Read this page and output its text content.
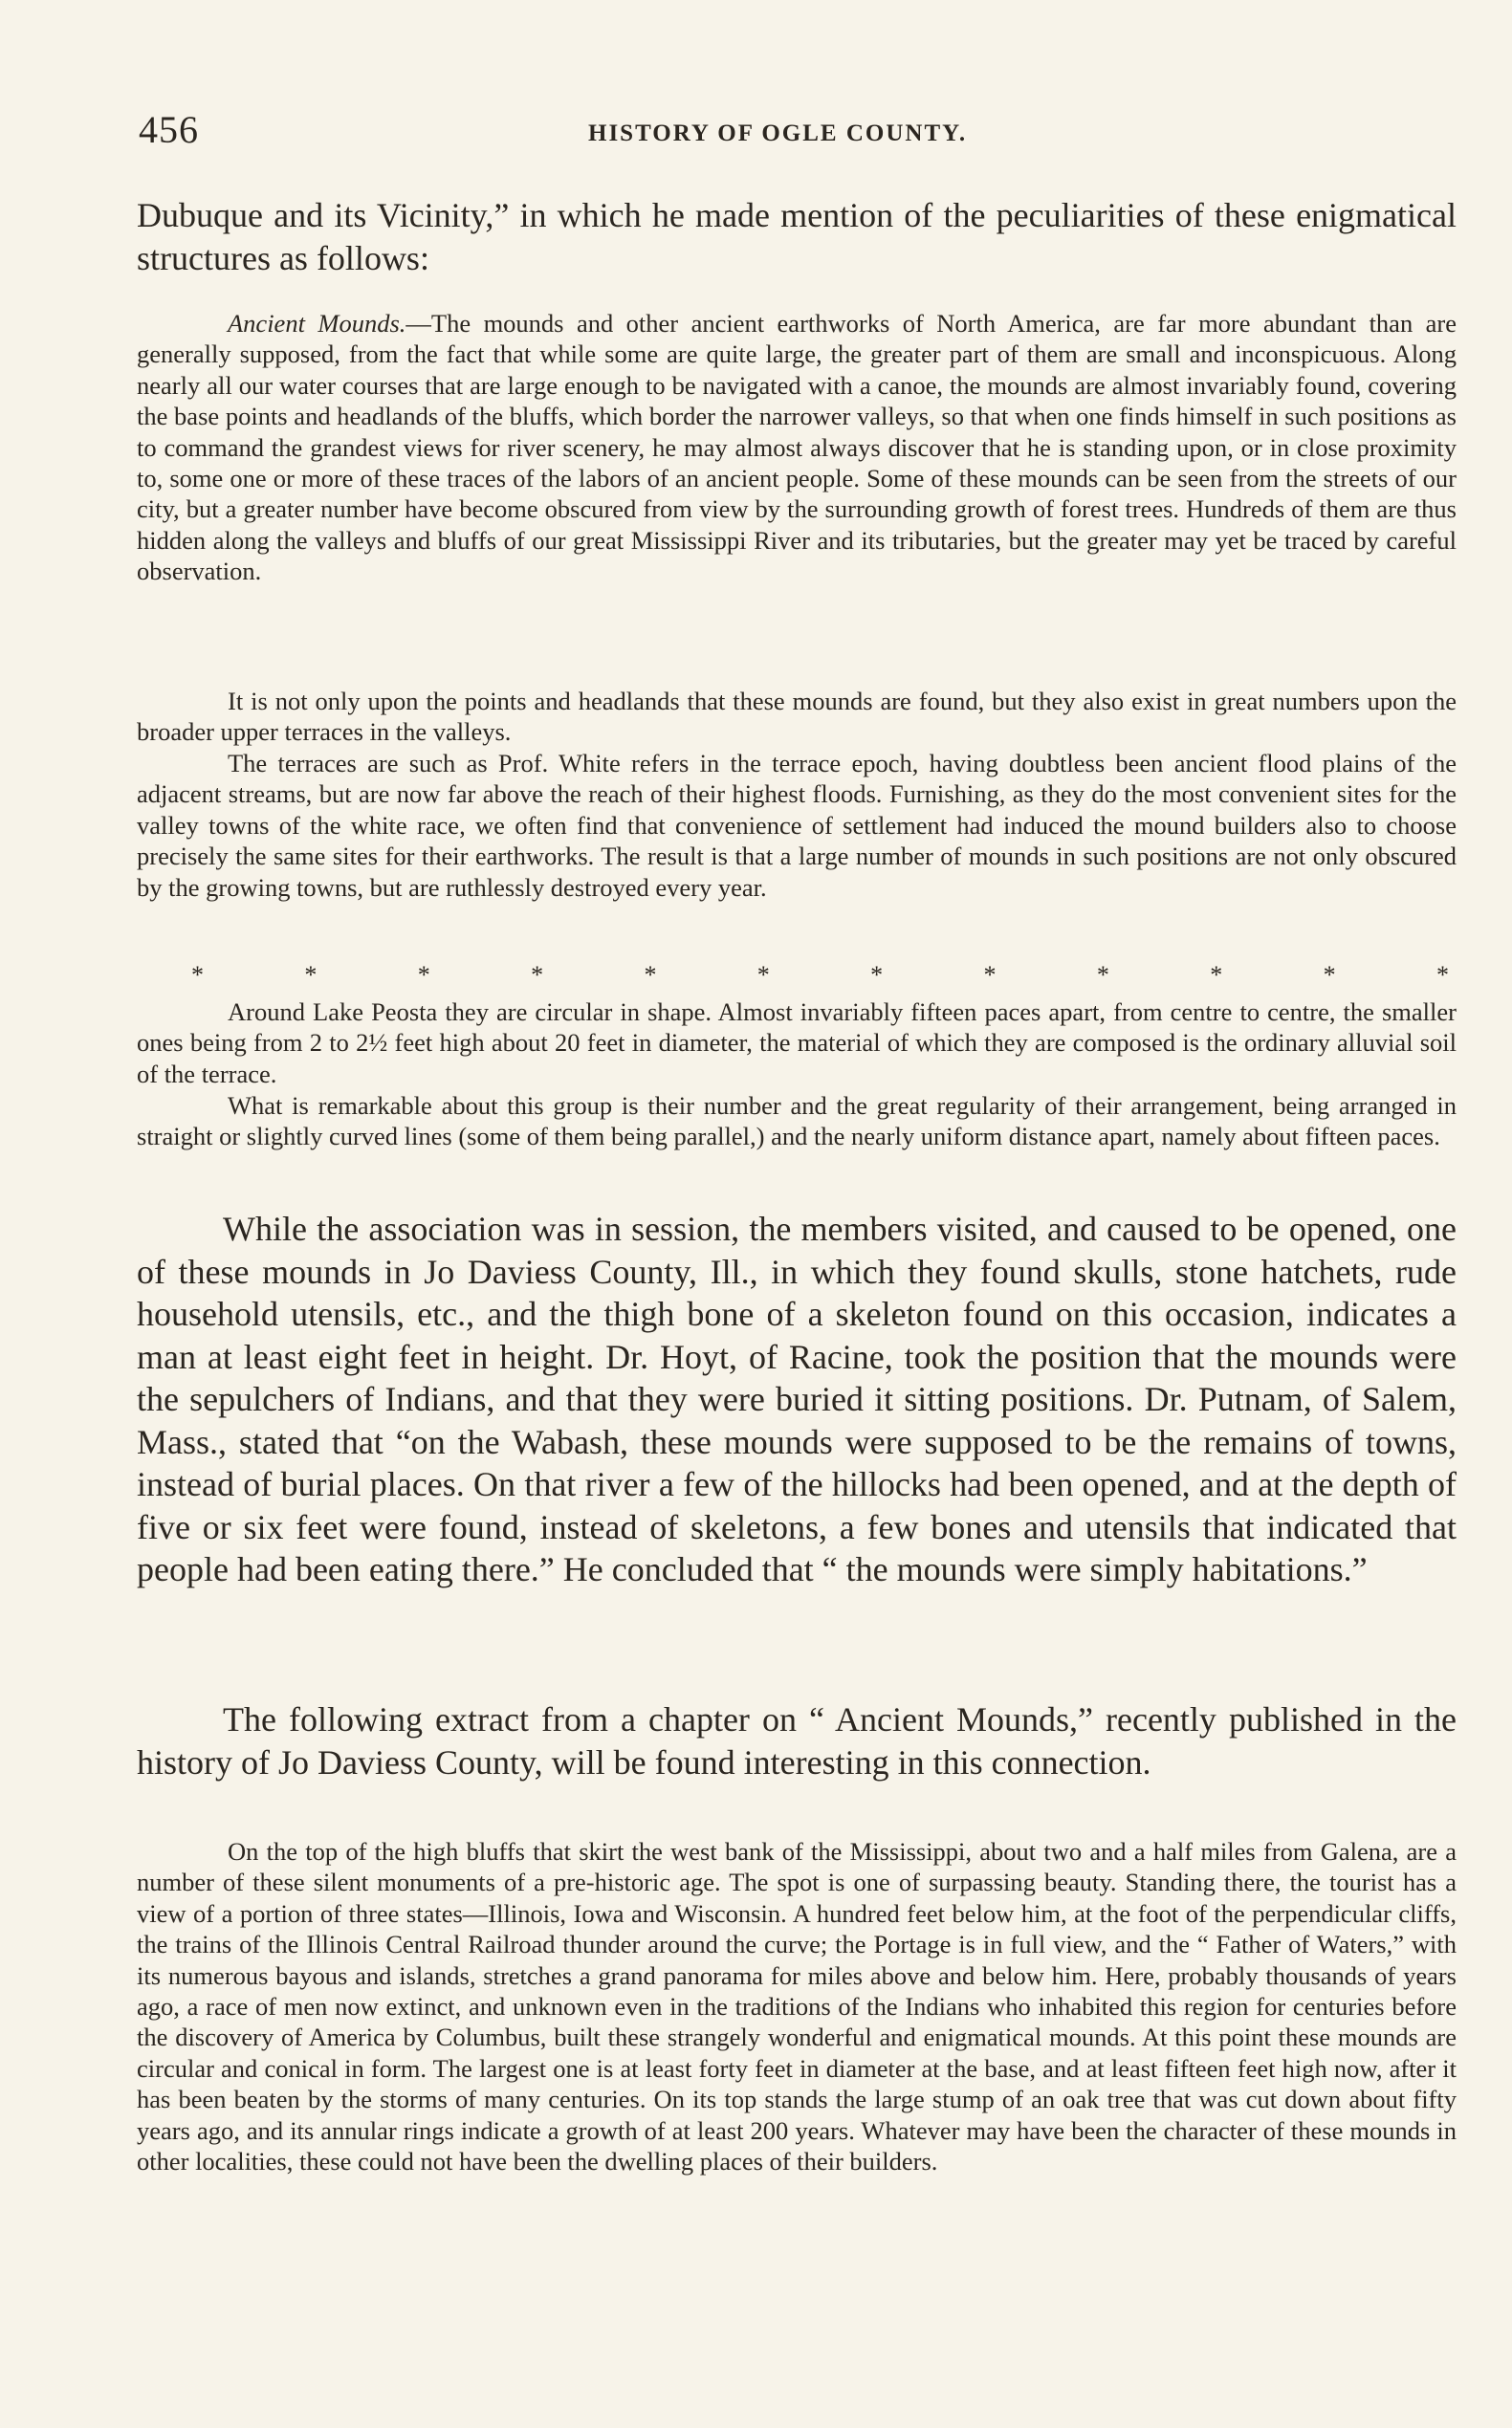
456	HISTORY OF OGLE COUNTY.

Dubuque and its Vicinity,” in which he made mention of the peculiarities of these enigmatical structures as follows:

Ancient Mounds.—The mounds and other ancient earthworks of North America, are far more abundant than are generally supposed, from the fact that while some are quite large, the greater part of them are small and inconspicuous. Along nearly all our water courses that are large enough to be navigated with a canoe, the mounds are almost invariably found, covering the base points and headlands of the bluffs, which border the narrower valleys, so that when one finds himself in such positions as to command the grandest views for river scenery, he may almost always discover that he is standing upon, or in close proximity to, some one or more of these traces of the labors of an ancient people. Some of these mounds can be seen from the streets of our city, but a greater number have become obscured from view by the surrounding growth of forest trees. Hundreds of them are thus hidden along the valleys and bluffs of our great Mississippi River and its tributaries, but the greater may yet be traced by careful observation.

It is not only upon the points and headlands that these mounds are found, but they also exist in great numbers upon the broader upper terraces in the valleys.

The terraces are such as Prof. White refers in the terrace epoch, having doubtless been ancient flood plains of the adjacent streams, but are now far above the reach of their highest floods. Furnishing, as they do the most convenient sites for the valley towns of the white race, we often find that convenience of settlement had induced the mound builders also to choose precisely the same sites for their earthworks. The result is that a large number of mounds in such positions are not only obscured by the growing towns, but are ruthlessly destroyed every year.

*	*	*	*	*	*	*	*	*	*	*	*

Around Lake Peosta they are circular in shape. Almost invariably fifteen paces apart, from centre to centre, the smaller ones being from 2 to 2½ feet high about 20 feet in diameter, the material of which they are composed is the ordinary alluvial soil of the terrace.

What is remarkable about this group is their number and the great regularity of their arrangement, being arranged in straight or slightly curved lines (some of them being parallel,) and the nearly uniform distance apart, namely about fifteen paces.

While the association was in session, the members visited, and caused to be opened, one of these mounds in Jo Daviess County, Ill., in which they found skulls, stone hatchets, rude household utensils, etc., and the thigh bone of a skeleton found on this occasion, indicates a man at least eight feet in height. Dr. Hoyt, of Racine, took the position that the mounds were the sepulchers of Indians, and that they were buried it sitting positions. Dr. Putnam, of Salem, Mass., stated that “on the Wabash, these mounds were supposed to be the remains of towns, instead of burial places. On that river a few of the hillocks had been opened, and at the depth of five or six feet were found, instead of skeletons, a few bones and utensils that indicated that people had been eating there.” He concluded that “ the mounds were simply habitations.”

The following extract from a chapter on “ Ancient Mounds,” recently published in the history of Jo Daviess County, will be found interesting in this connection.

On the top of the high bluffs that skirt the west bank of the Mississippi, about two and a half miles from Galena, are a number of these silent monuments of a pre-historic age. The spot is one of surpassing beauty. Standing there, the tourist has a view of a portion of three states—Illinois, Iowa and Wisconsin. A hundred feet below him, at the foot of the perpendicular cliffs, the trains of the Illinois Central Railroad thunder around the curve; the Portage is in full view, and the “ Father of Waters,” with its numerous bayous and islands, stretches a grand panorama for miles above and below him. Here, probably thousands of years ago, a race of men now extinct, and unknown even in the traditions of the Indians who inhabited this region for centuries before the discovery of America by Columbus, built these strangely wonderful and enigmatical mounds. At this point these mounds are circular and conical in form. The largest one is at least forty feet in diameter at the base, and at least fifteen feet high now, after it has been beaten by the storms of many centuries. On its top stands the large stump of an oak tree that was cut down about fifty years ago, and its annular rings indicate a growth of at least 200 years. Whatever may have been the character of these mounds in other localities, these could not have been the dwelling places of their builders.
